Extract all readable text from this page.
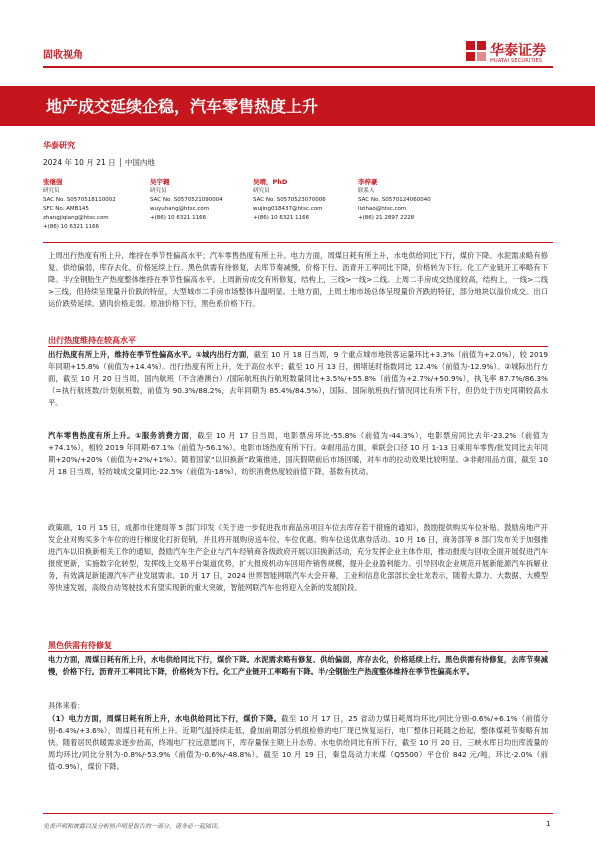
固收视角	华泰证券
HUATAI SECURITIES
地产成交延续企稳，汽车零售热度上升
华泰研究
2024 年 10 月 21 日 │ 中国内地
张继强
研究员
SAC No. S0570518110002
SFC No. AMB145
zhangjiqiang@htsc.com
+(86) 10 6321 1166
吴宇翱
研究员
SAC No. S0570521090004
wuyuhang@htsc.com
+(86) 10 6321 1166
吴靖，PhD
研究员
SAC No. S0570523070006
wujing018437@htsc.com
+(86) 10 6321 1166
李梓豪
联系人
SAC No. S0570124060040
lizihao@htsc.com
+(86) 21 2897 2228

上周出行热度有所上升，维持在季节性偏高水平；汽车零售热度有所上升。电力方面，周煤日耗有所上升，水电供给同比下行，煤价下降。水泥需求略有修复、供给偏弱，库存去化，价格延续上行。黑色供需有待修复，去库节奏减慢，价格下行。沥青开工率同比下降，价格转为下行。化工产业链开工率略有下降。半/全钢胎生产热度整体维持在季节性偏高水平。上周新房成交有所修复，结构上，三线>一线>二线。上周二手房成交热度较高，结构上，一线>二线>三线，但持续呈现量升价跌的特征，大型城市二手房市场整体升温明显。土地方面，上周土地市场总体呈现量价齐跌的特征，部分地块以溢价成交。出口运价跌势延续。猪肉价格走弱。原油价格下行，黑色系价格下行。

出行热度维持在较高水平

出行热度有所上升，维持在季节性偏高水平。①城内出行方面，截至 10 月 18 日当周，9 个重点城市地铁客运量环比+3.3%（前值为+2.0%），较 2019 年同期+15.8%（前值为+14.4%）。出行热度有所上升，处于高位水平；截至 10 月 13 日，拥堵延时指数同比 12.4%（前值为-12.9%）。②城际出行方面，截至 10 月 20 日当周，国内航班（不含港澳台）/国际航班执行航班数量同比+3.5%/+55.8%（前值为+2.7%/+50.9%），执飞率 87.7%/86.3%（=执行航班数/计划航班数，前值为 90.3%/88.2%，去年同期为 85.4%/84.5%），国际、国际航班执行情况同比有所下行，但仍处于历史同期较高水平。

汽车零售热度有所上升。①服务消费方面，截至 10 月 17 日当周，电影票房环比-55.8%（前值为-44.3%），电影票房同比去年-23.2%（前值为+74.1%），相较 2019 年同期-67.1%（前值为-56.1%）。电影市场热度有所下行。②耐用品方面，乘联会口径 10 月 1-13 日乘用车零售/批发同比去年同期+20%/+20%（前值为+2%/+1%）。随着国家“以旧换新”政策推进，国庆假期前后市场回暖，对车市的拉动效果比较明显。③非耐用品方面，截至 10 月 18 日当周，轻纺城成交量同比-22.5%（前值为-18%），纺织消费热度较前值下降，基数有扰动。

政策端，10 月 15 日，成都市住建局等 5 部门印发《关于进一步促进我市商品房项目车位去库存若干措施的通知》，鼓励提供购买车位补贴，鼓励房地产开发企业对购买多个车位的进行梯度化打折促销，并且将开展购房送车位、车位优惠、购车位送优惠券活动。10 月 16 日，商务部等 8 部门发布关于加强推进汽车以旧换新相关工作的通知，鼓励汽车生产企业与汽车经销商各级政府开展以旧换新活动，充分发挥企业主体作用，推动报废与回收全面开展促进汽车报废更新，实施数字化转型，发挥线上交易平台渠道优势，扩大报废机动车回用件销售规模，提升企业盈利能力。引导回收企业规范开展新能源汽车拆解业务，有效满足新能源汽车产业发展需求。10 月 17 日，2024 世界智能网联汽车大会开幕，工业和信息化部部长金壮龙表示，随着大算力、大数据、大模型等快速发展，高级自动驾驶技术有望实现新的重大突破，智能网联汽车也将迎入全新的发展阶段。

黑色供需有待修复

电力方面，周煤日耗有所上升，水电供给同比下行，煤价下降。水泥需求略有修复、供给偏弱，库存去化，价格延续上行。黑色供需有待修复，去库节奏减慢，价格下行。沥青开工率同比下降，价格转为下行。化工产业链开工率略有下降。半/全钢胎生产热度整体维持在季节性偏高水平。

具体来看：

（1）电力方面，周煤日耗有所上升，水电供给同比下行，煤价下降。截至 10 月 17 日，25 省动力煤日耗周均环比/同比分别-0.6%/+6.1%（前值分别-6.4%/+3.6%），周煤日耗有所上升。近期气温持续走低，叠加前期部分机组检修的电厂现已恢复运行，电厂整体日耗随之抬起，整体煤耗节奏略有加快。随着居民供暖需求逐步抬高，终端电厂拉远意愿向下，库存量保主期上升态势。水电供给同比有所下行，截至 10 月 20 日，三峡水库日均出库流量的周均环比/同比分别为-0.8%/-53.9%（前值为-0.6%/-48.8%）。截至 10 月 19 日，秦皇岛动力末煤（Q5500）平仓价 842 元/吨，环比-2.0%（前值-0.9%），煤价下降。

免责声明和披露以及分析师声明是报告的一部分，请务必一起阅读。	1
